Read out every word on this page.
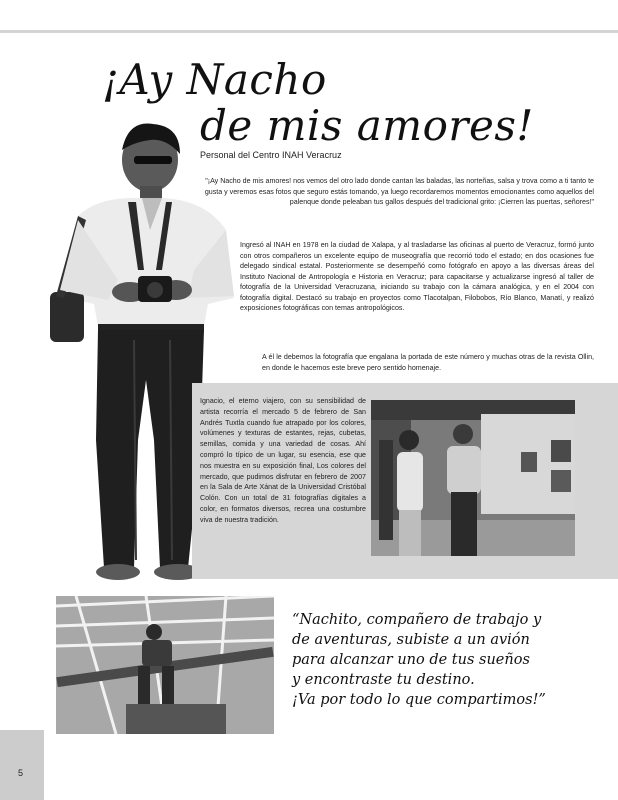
¡Ay Nacho
de mis amores!
Personal del Centro INAH Veracruz

"¡Ay Nacho de mis amores! nos vemos del otro lado donde cantan las baladas, las norteñas, salsa y trova como a ti tanto te gusta y veremos esas fotos que seguro estás tomando, ya luego recordaremos momentos emocionantes como aquellos del palenque donde peleaban tus gallos después del tradicional grito: ¡Cierren las puertas, señores!"

Ingresó al INAH en 1978 en la ciudad de Xalapa, y al trasladarse las oficinas al puerto de Veracruz, formó junto con otros compañeros un excelente equipo de museografía que recorrió todo el estado; en dos ocasiones fue delegado sindical estatal. Posteriormente se desempeñó como fotógrafo en apoyo a las diversas áreas del Instituto Nacional de Antropología e Historia en Veracruz; para capacitarse y actualizarse ingresó al taller de fotografía de la Universidad Veracruzana, iniciando su trabajo con la cámara analógica, y en el 2004 con fotografía digital. Destacó su trabajo en proyectos como Tlacotalpan, Filobobos, Río Blanco, Manatí, y realizó exposiciones fotográficas con temas antropológicos.

A él le debemos la fotografía que engalana la portada de este número y muchas otras de la revista Ollin, en donde le hacemos este breve pero sentido homenaje.

Ignacio, el eterno viajero, con su sensibilidad de artista recorría el mercado 5 de febrero de San Andrés Tuxtla cuando fue atrapado por los colores, volúmenes y texturas de estantes, rejas, cubetas, semillas, comida y una variedad de cosas. Ahí compró lo típico de un lugar, su esencia, ese que nos muestra en su exposición final, Los colores del mercado, que pudimos disfrutar en febrero de 2007 en la Sala de Arte Xánat de la Universidad Cristóbal Colón. Con un total de 31 fotografías digitales a color, en formatos diversos, recrea una costumbre viva de nuestra tradición.

“Nachito, compañero de trabajo y
de aventuras, subiste a un avión
para alcanzar uno de tus sueños
y encontraste tu destino.
¡Va por todo lo que compartimos!”
5
